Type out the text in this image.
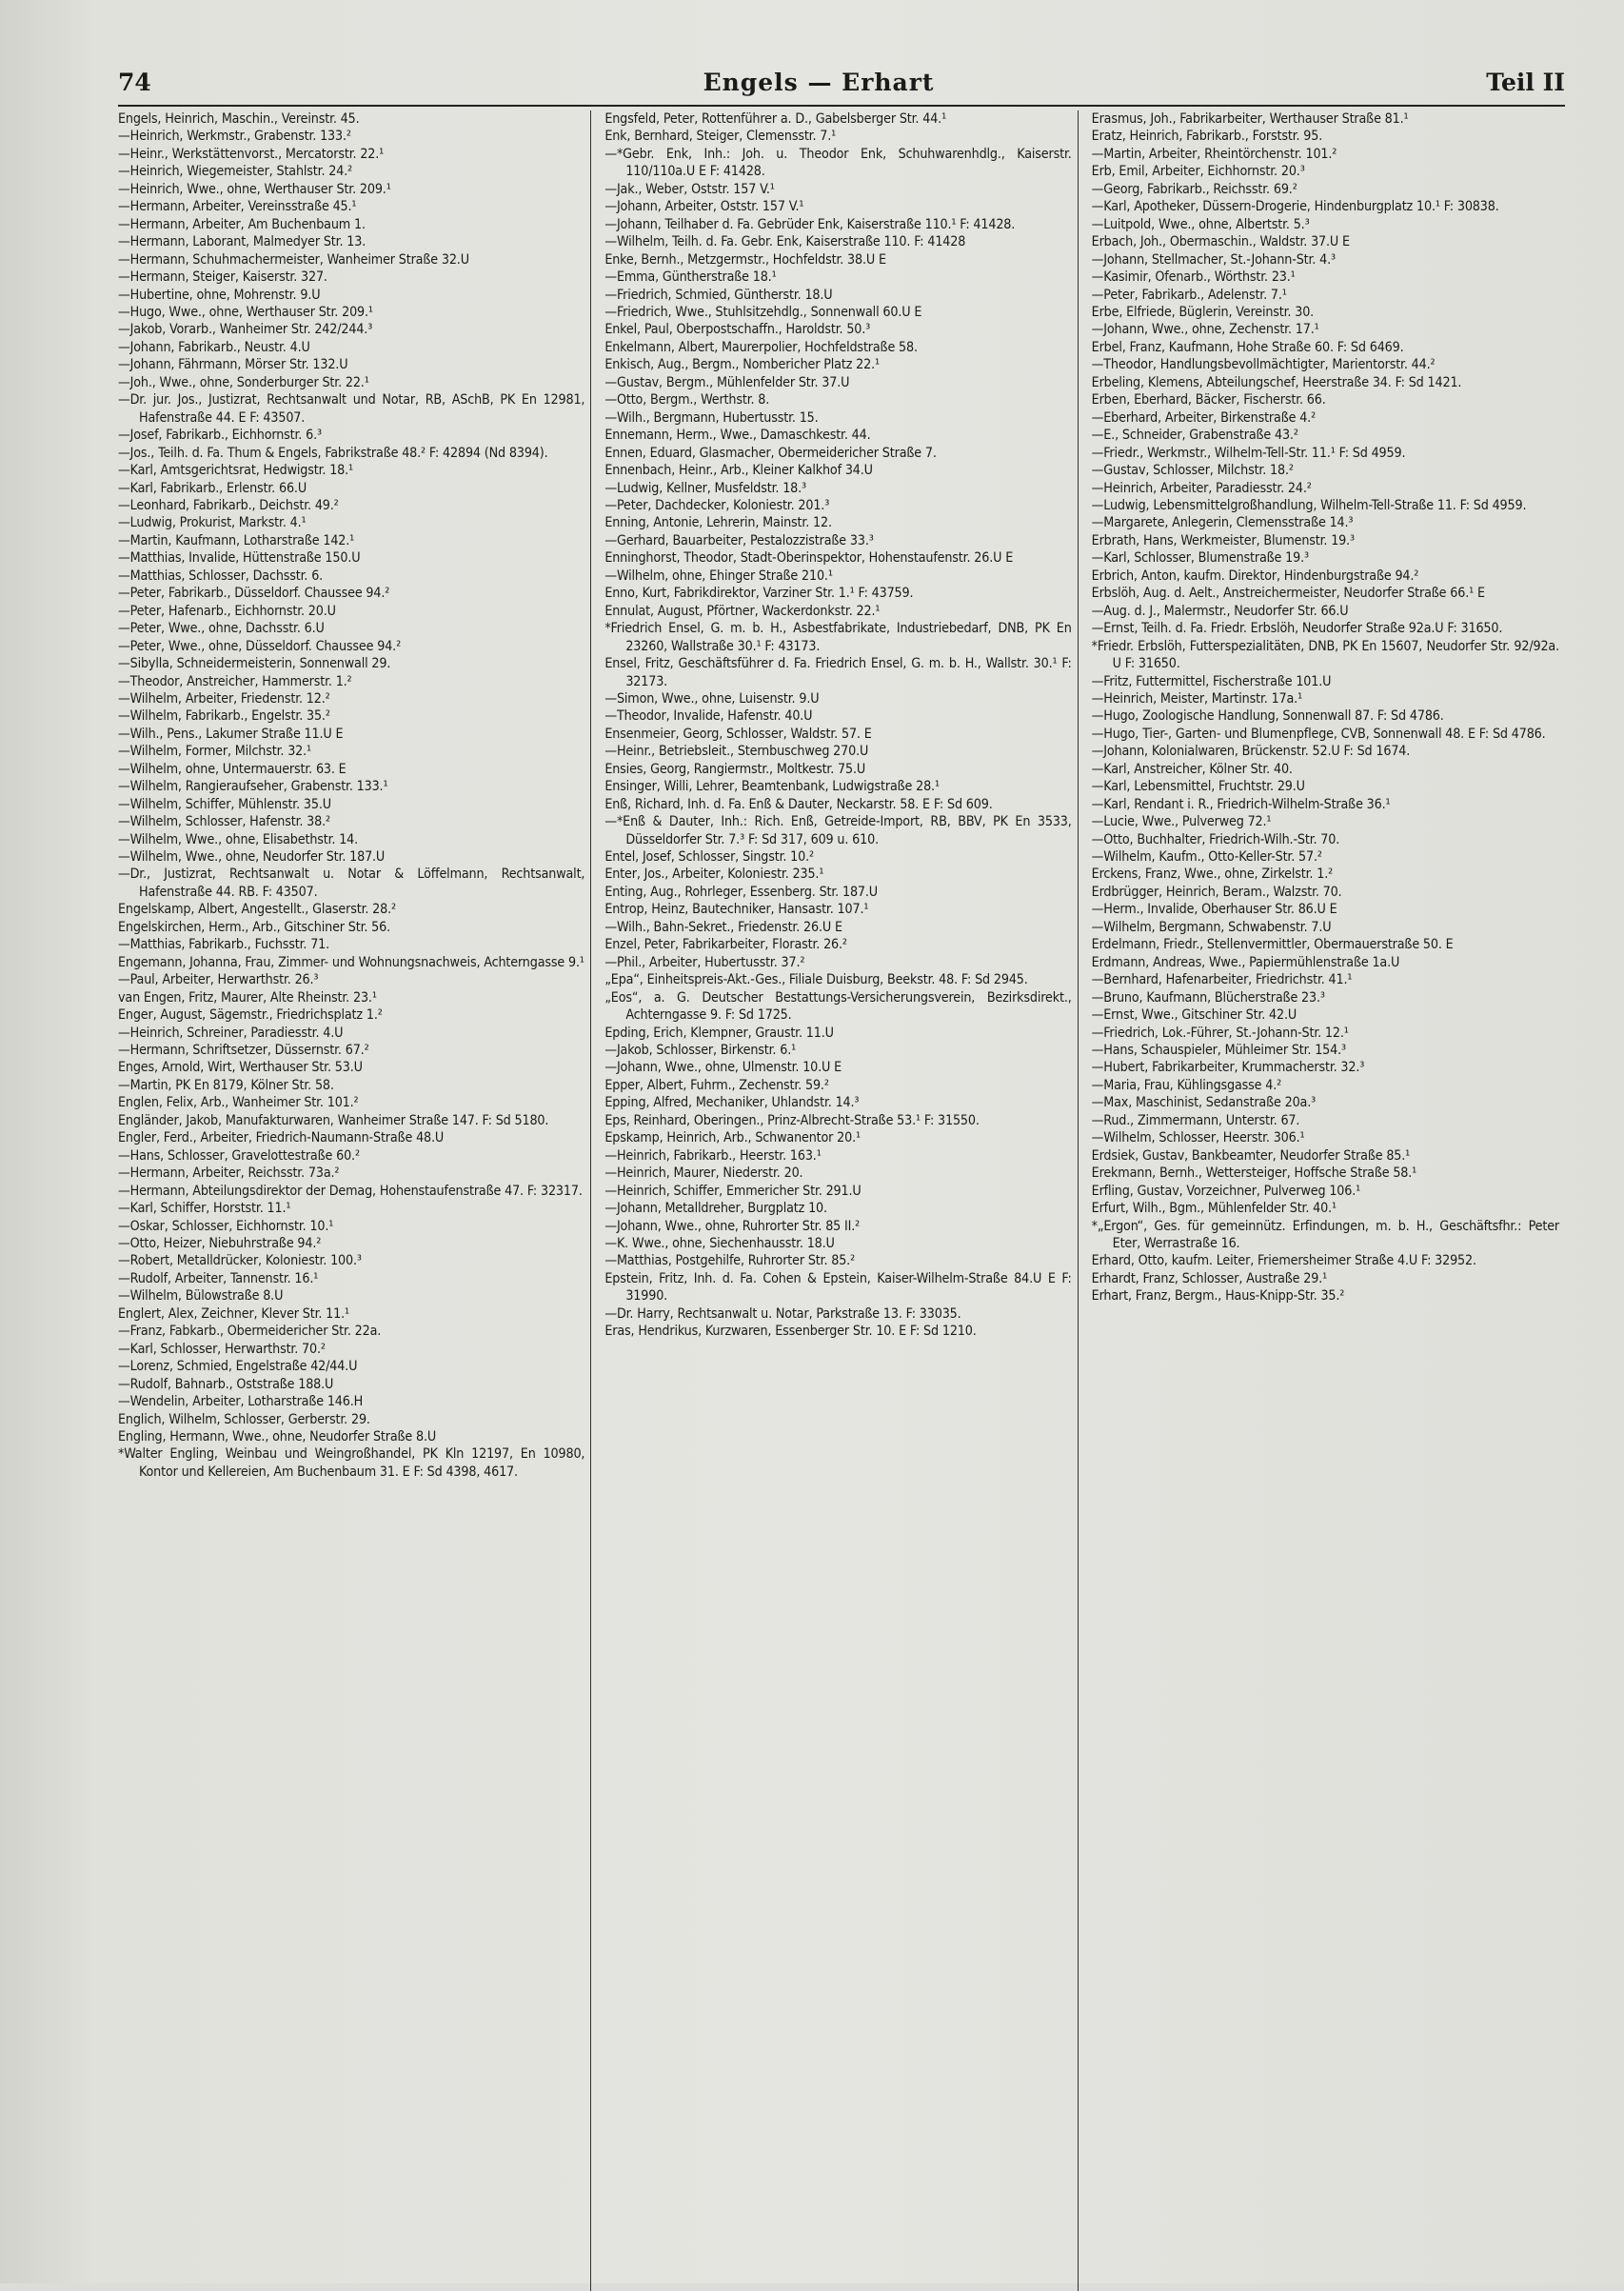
74	Engels — Erhart	Teil II
Engels, Heinrich, Maschin., Vereinstr. 45.
—Heinrich, Werkmstr., Grabenstr. 133.²
—Heinr., Werkstättenvorst., Mercatorstr. 22.¹
—Heinrich, Wiegemeister, Stahlstr. 24.²
—Heinrich, Wwe., ohne, Werthauser Str. 209.¹
—Hermann, Arbeiter, Vereinsstraße 45.¹
—Hermann, Arbeiter, Am Buchenbaum 1.
—Hermann, Laborant, Malmedyer Str. 13.
—Hermann, Schuhmachermeister, Wanheimer Straße 32.U
—Hermann, Steiger, Kaiserstr. 327.
—Hubertine, ohne, Mohrenstr. 9.U
—Hugo, Wwe., ohne, Werthauser Str. 209.¹
—Jakob, Vorarb., Wanheimer Str. 242/244.³
—Johann, Fabrikarb., Neustr. 4.U
—Johann, Fährmann, Mörser Str. 132.U
—Joh., Wwe., ohne, Sonderburger Str. 22.¹
—Dr. jur. Jos., Justizrat, Rechtsanwalt und Notar, RB, ASchB, PK En 12981, Hafenstraße 44. E F: 43507.
—Josef, Fabrikarb., Eichhornstr. 6.³
—Jos., Teilh. d. Fa. Thum & Engels, Fabrikstraße 48.² F: 42894 (Nd 8394).
—Karl, Amtsgerichtsrat, Hedwigstr. 18.¹
—Karl, Fabrikarb., Erlenstr. 66.U
—Leonhard, Fabrikarb., Deichstr. 49.²
—Ludwig, Prokurist, Markstr. 4.¹
—Martin, Kaufmann, Lotharstraße 142.¹
—Matthias, Invalide, Hüttenstraße 150.U
—Matthias, Schlosser, Dachsstr. 6.
—Peter, Fabrikarb., Düsseldorf. Chaussee 94.²
—Peter, Hafenarb., Eichhornstr. 20.U
—Peter, Wwe., ohne, Dachsstr. 6.U
—Peter, Wwe., ohne, Düsseldorf. Chaussee 94.²
—Sibylla, Schneidermeisterin, Sonnenwall 29.
—Theodor, Anstreicher, Hammerstr. 1.²
—Wilhelm, Arbeiter, Friedenstr. 12.²
—Wilhelm, Fabrikarb., Engelstr. 35.²
—Wilh., Pens., Lakumer Straße 11.U E
—Wilhelm, Former, Milchstr. 32.¹
—Wilhelm, ohne, Untermauerstr. 63. E
—Wilhelm, Rangieraufseher, Grabenstr. 133.¹
—Wilhelm, Schiffer, Mühlenstr. 35.U
—Wilhelm, Schlosser, Hafenstr. 38.²
—Wilhelm, Wwe., ohne, Elisabethstr. 14.
—Wilhelm, Wwe., ohne, Neudorfer Str. 187.U
—Dr., Justizrat, Rechtsanwalt u. Notar & Löffelmann, Rechtsanwalt, Hafenstraße 44. RB. F: 43507.
Engelskamp, Albert, Angestellt., Glaserstr. 28.²
Engelskirchen, Herm., Arb., Gitschiner Str. 56.
—Matthias, Fabrikarb., Fuchsstr. 71.
Engemann, Johanna, Frau, Zimmer- und Wohnungsnachweis, Achterngasse 9.¹
—Paul, Arbeiter, Herwarthstr. 26.³
van Engen, Fritz, Maurer, Alte Rheinstr. 23.¹
Enger, August, Sägemstr., Friedrichsplatz 1.²
—Heinrich, Schreiner, Paradiesstr. 4.U
—Hermann, Schriftsetzer, Düssernstr. 67.²
Enges, Arnold, Wirt, Werthauser Str. 53.U
—Martin, PK En 8179, Kölner Str. 58.
Englen, Felix, Arb., Wanheimer Str. 101.²
Engländer, Jakob, Manufakturwaren, Wanheimer Straße 147. F: Sd 5180.
Engler, Ferd., Arbeiter, Friedrich-Naumann-Straße 48.U
—Hans, Schlosser, Gravelottestraße 60.²
—Hermann, Arbeiter, Reichsstr. 73a.²
—Hermann, Abteilungsdirektor der Demag, Hohenstaufenstraße 47. F: 32317.
—Karl, Schiffer, Horststr. 11.¹
—Oskar, Schlosser, Eichhornstr. 10.¹
—Otto, Heizer, Niebuhrstraße 94.²
—Robert, Metalldrücker, Koloniestr. 100.³
—Rudolf, Arbeiter, Tannenstr. 16.¹
—Wilhelm, Bülowstraße 8.U
Englert, Alex, Zeichner, Klever Str. 11.¹
—Franz, Fabkarb., Obermeidericher Str. 22a.
—Karl, Schlosser, Herwarthstr. 70.²
—Lorenz, Schmied, Engelstraße 42/44.U
—Rudolf, Bahnarb., Oststraße 188.U
—Wendelin, Arbeiter, Lotharstraße 146.H
Englich, Wilhelm, Schlosser, Gerberstr. 29.
Engling, Hermann, Wwe., ohne, Neudorfer Straße 8.U
*Walter Engling, Weinbau und Weingroßhandel, PK Kln 12197, En 10980, Kontor und Kellereien, Am Buchenbaum 31. E F: Sd 4398, 4617.
Engsfeld, Peter, Rottenführer a. D., Gabelsberger Str. 44.¹
Enk, Bernhard, Steiger, Clemensstr. 7.¹
—*Gebr. Enk, Inh.: Joh. u. Theodor Enk, Schuhwarenhdlg., Kaiserstr. 110/110a.U E F: 41428.
—Jak., Weber, Oststr. 157 V.¹
—Johann, Arbeiter, Oststr. 157 V.¹
—Johann, Teilhaber d. Fa. Gebrüder Enk, Kaiserstraße 110.¹ F: 41428.
—Wilhelm, Teilh. d. Fa. Gebr. Enk, Kaiserstraße 110. F: 41428
Enke, Bernh., Metzgermstr., Hochfeldstr. 38.U E
—Emma, Güntherstraße 18.¹
—Friedrich, Schmied, Güntherstr. 18.U
—Friedrich, Wwe., Stuhlsitzehdlg., Sonnenwall 60.U E
Enkel, Paul, Oberpostschaffn., Haroldstr. 50.³
Enkelmann, Albert, Maurerpolier, Hochfeldstraße 58.
Enkisch, Aug., Bergm., Nombericher Platz 22.¹
—Gustav, Bergm., Mühlenfelder Str. 37.U
—Otto, Bergm., Werthstr. 8.
—Wilh., Bergmann, Hubertusstr. 15.
Ennemann, Herm., Wwe., Damaschkestr. 44.
Ennen, Eduard, Glasmacher, Obermeidericher Straße 7.
Ennenbach, Heinr., Arb., Kleiner Kalkhof 34.U
—Ludwig, Kellner, Musfeldstr. 18.³
—Peter, Dachdecker, Koloniestr. 201.³
Enning, Antonie, Lehrerin, Mainstr. 12.
—Gerhard, Bauarbeiter, Pestalozzistraße 33.³
Enninghorst, Theodor, Stadt-Oberinspektor, Hohenstaufenstr. 26.U E
—Wilhelm, ohne, Ehinger Straße 210.¹
Enno, Kurt, Fabrikdirektor, Varziner Str. 1.¹ F: 43759.
Ennulat, August, Pförtner, Wackerdonkstr. 22.¹
*Friedrich Ensel, G. m. b. H., Asbestfabrikate, Industriebedarf, DNB, PK En 23260, Wallstraße 30.¹ F: 43173.
Ensel, Fritz, Geschäftsführer d. Fa. Friedrich Ensel, G. m. b. H., Wallstr. 30.¹ F: 32173.
—Simon, Wwe., ohne, Luisenstr. 9.U
—Theodor, Invalide, Hafenstr. 40.U
Ensenmeier, Georg, Schlosser, Waldstr. 57. E
—Heinr., Betriebsleit., Sternbuschweg 270.U
Ensies, Georg, Rangiermstr., Moltkestr. 75.U
Ensinger, Willi, Lehrer, Beamtenbank, Ludwigstraße 28.¹
Enß, Richard, Inh. d. Fa. Enß & Dauter, Neckarstr. 58. E F: Sd 609.
—*Enß & Dauter, Inh.: Rich. Enß, Getreide-Import, RB, BBV, PK En 3533, Düsseldorfer Str. 7.³ F: Sd 317, 609 u. 610.
Entel, Josef, Schlosser, Singstr. 10.²
Enter, Jos., Arbeiter, Koloniestr. 235.¹
Enting, Aug., Rohrleger, Essenberg. Str. 187.U
Entrop, Heinz, Bautechniker, Hansastr. 107.¹
—Wilh., Bahn-Sekret., Friedenstr. 26.U E
Enzel, Peter, Fabrikarbeiter, Florastr. 26.²
—Phil., Arbeiter, Hubertusstr. 37.²
„Epa“, Einheitspreis-Akt.-Ges., Filiale Duisburg, Beekstr. 48. F: Sd 2945.
„Eos“, a. G. Deutscher Bestattungs-Versicherungsverein, Bezirksdirekt., Achterngasse 9. F: Sd 1725.
Epding, Erich, Klempner, Graustr. 11.U
—Jakob, Schlosser, Birkenstr. 6.¹
—Johann, Wwe., ohne, Ulmenstr. 10.U E
Epper, Albert, Fuhrm., Zechenstr. 59.²
Epping, Alfred, Mechaniker, Uhlandstr. 14.³
Eps, Reinhard, Oberingen., Prinz-Albrecht-Straße 53.¹ F: 31550.
Epskamp, Heinrich, Arb., Schwanentor 20.¹
—Heinrich, Fabrikarb., Heerstr. 163.¹
—Heinrich, Maurer, Niederstr. 20.
—Heinrich, Schiffer, Emmericher Str. 291.U
—Johann, Metalldreher, Burgplatz 10.
—Johann, Wwe., ohne, Ruhrorter Str. 85 II.²
—K. Wwe., ohne, Siechenhausstr. 18.U
—Matthias, Postgehilfe, Ruhrorter Str. 85.²
Epstein, Fritz, Inh. d. Fa. Cohen & Epstein, Kaiser-Wilhelm-Straße 84.U E F: 31990.
—Dr. Harry, Rechtsanwalt u. Notar, Parkstraße 13. F: 33035.
Eras, Hendrikus, Kurzwaren, Essenberger Str. 10. E F: Sd 1210.
Erasmus, Joh., Fabrikarbeiter, Werthauser Straße 81.¹
Eratz, Heinrich, Fabrikarb., Forststr. 95.
—Martin, Arbeiter, Rheintörchenstr. 101.²
Erb, Emil, Arbeiter, Eichhornstr. 20.³
—Georg, Fabrikarb., Reichsstr. 69.²
—Karl, Apotheker, Düssern-Drogerie, Hindenburgplatz 10.¹ F: 30838.
—Luitpold, Wwe., ohne, Albertstr. 5.³
Erbach, Joh., Obermaschin., Waldstr. 37.U E
—Johann, Stellmacher, St.-Johann-Str. 4.³
—Kasimir, Ofenarb., Wörthstr. 23.¹
—Peter, Fabrikarb., Adelenstr. 7.¹
Erbe, Elfriede, Büglerin, Vereinstr. 30.
—Johann, Wwe., ohne, Zechenstr. 17.¹
Erbel, Franz, Kaufmann, Hohe Straße 60. F: Sd 6469.
—Theodor, Handlungsbevollmächtigter, Marientorstr. 44.²
Erbeling, Klemens, Abteilungschef, Heerstraße 34. F: Sd 1421.
Erben, Eberhard, Bäcker, Fischerstr. 66.
—Eberhard, Arbeiter, Birkenstraße 4.²
—E., Schneider, Grabenstraße 43.²
—Friedr., Werkmstr., Wilhelm-Tell-Str. 11.¹ F: Sd 4959.
—Gustav, Schlosser, Milchstr. 18.²
—Heinrich, Arbeiter, Paradiesstr. 24.²
—Ludwig, Lebensmittelgroßhandlung, Wilhelm-Tell-Straße 11. F: Sd 4959.
—Margarete, Anlegerin, Clemensstraße 14.³
Erbrath, Hans, Werkmeister, Blumenstr. 19.³
—Karl, Schlosser, Blumenstraße 19.³
Erbrich, Anton, kaufm. Direktor, Hindenburgstraße 94.²
Erbslöh, Aug. d. Aelt., Anstreichermeister, Neudorfer Straße 66.¹ E
—Aug. d. J., Malermstr., Neudorfer Str. 66.U
—Ernst, Teilh. d. Fa. Friedr. Erbslöh, Neudorfer Straße 92a.U F: 31650.
*Friedr. Erbslöh, Futterspezialitäten, DNB, PK En 15607, Neudorfer Str. 92/92a. U F: 31650.
—Fritz, Futtermittel, Fischerstraße 101.U
—Heinrich, Meister, Martinstr. 17a.¹
—Hugo, Zoologische Handlung, Sonnenwall 87. F: Sd 4786.
—Hugo, Tier-, Garten- und Blumenpflege, CVB, Sonnenwall 48. E F: Sd 4786.
—Johann, Kolonialwaren, Brückenstr. 52.U F: Sd 1674.
—Karl, Anstreicher, Kölner Str. 40.
—Karl, Lebensmittel, Fruchtstr. 29.U
—Karl, Rendant i. R., Friedrich-Wilhelm-Straße 36.¹
—Lucie, Wwe., Pulverweg 72.¹
—Otto, Buchhalter, Friedrich-Wilh.-Str. 70.
—Wilhelm, Kaufm., Otto-Keller-Str. 57.²
Erckens, Franz, Wwe., ohne, Zirkelstr. 1.²
Erdbrügger, Heinrich, Beram., Walzstr. 70.
—Herm., Invalide, Oberhauser Str. 86.U E
—Wilhelm, Bergmann, Schwabenstr. 7.U
Erdelmann, Friedr., Stellenvermittler, Obermauerstraße 50. E
Erdmann, Andreas, Wwe., Papiermühlenstraße 1a.U
—Bernhard, Hafenarbeiter, Friedrichstr. 41.¹
—Bruno, Kaufmann, Blücherstraße 23.³
—Ernst, Wwe., Gitschiner Str. 42.U
—Friedrich, Lok.-Führer, St.-Johann-Str. 12.¹
—Hans, Schauspieler, Mühleimer Str. 154.³
—Hubert, Fabrikarbeiter, Krummacherstr. 32.³
—Maria, Frau, Kühlingsgasse 4.²
—Max, Maschinist, Sedanstraße 20a.³
—Rud., Zimmermann, Unterstr. 67.
—Wilhelm, Schlosser, Heerstr. 306.¹
Erdsiek, Gustav, Bankbeamter, Neudorfer Straße 85.¹
Erekmann, Bernh., Wettersteiger, Hoffsche Straße 58.¹
Erfling, Gustav, Vorzeichner, Pulverweg 106.¹
Erfurt, Wilh., Bgm., Mühlenfelder Str. 40.¹
*„Ergon“, Ges. für gemeinnütz. Erfindungen, m. b. H., Geschäftsfhr.: Peter Eter, Werrastraße 16.
Erhard, Otto, kaufm. Leiter, Friemersheimer Straße 4.U F: 32952.
Erhardt, Franz, Schlosser, Austraße 29.¹
Erhart, Franz, Bergm., Haus-Knipp-Str. 35.²
